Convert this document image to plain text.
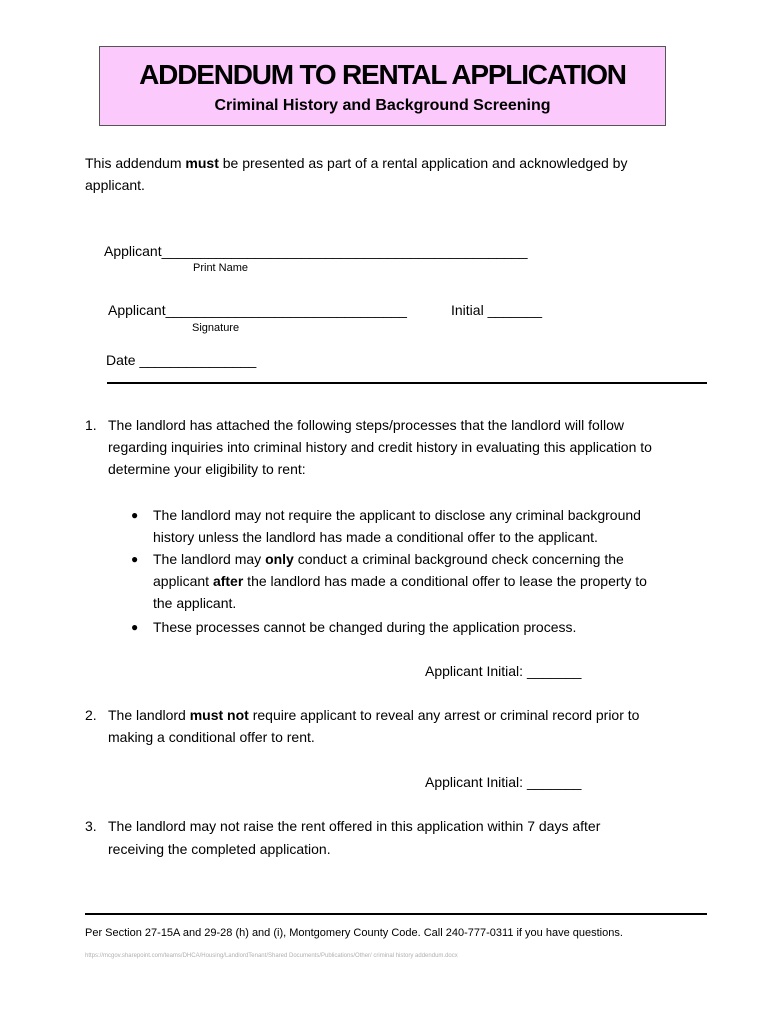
ADDENDUM TO RENTAL APPLICATION
Criminal History and Background Screening
This addendum must be presented as part of a rental application and acknowledged by
applicant.
Applicant_______________________________________________
Print Name
Applicant_______________________________	Initial _______
Signature
Date _______________
1. The landlord has attached the following steps/processes that the landlord will follow
regarding inquiries into criminal history and credit history in evaluating this application to
determine your eligibility to rent:
● The landlord may not require the applicant to disclose any criminal background
history unless the landlord has made a conditional offer to the applicant.
● The landlord may only conduct a criminal background check concerning the
applicant after the landlord has made a conditional offer to lease the property to
the applicant.
● These processes cannot be changed during the application process.
Applicant Initial: _______
2. The landlord must not require applicant to reveal any arrest or criminal record prior to
making a conditional offer to rent.
Applicant Initial: _______
3. The landlord may not raise the rent offered in this application within 7 days after
receiving the completed application.
Per Section 27-15A and 29-28 (h) and (i), Montgomery County Code. Call 240-777-0311 if you have questions.
https://mcgov.sharepoint.com/teams/DHCA/Housing/LandlordTenant/Shared Documents/Publications/Other/ criminal history addendum.docx
